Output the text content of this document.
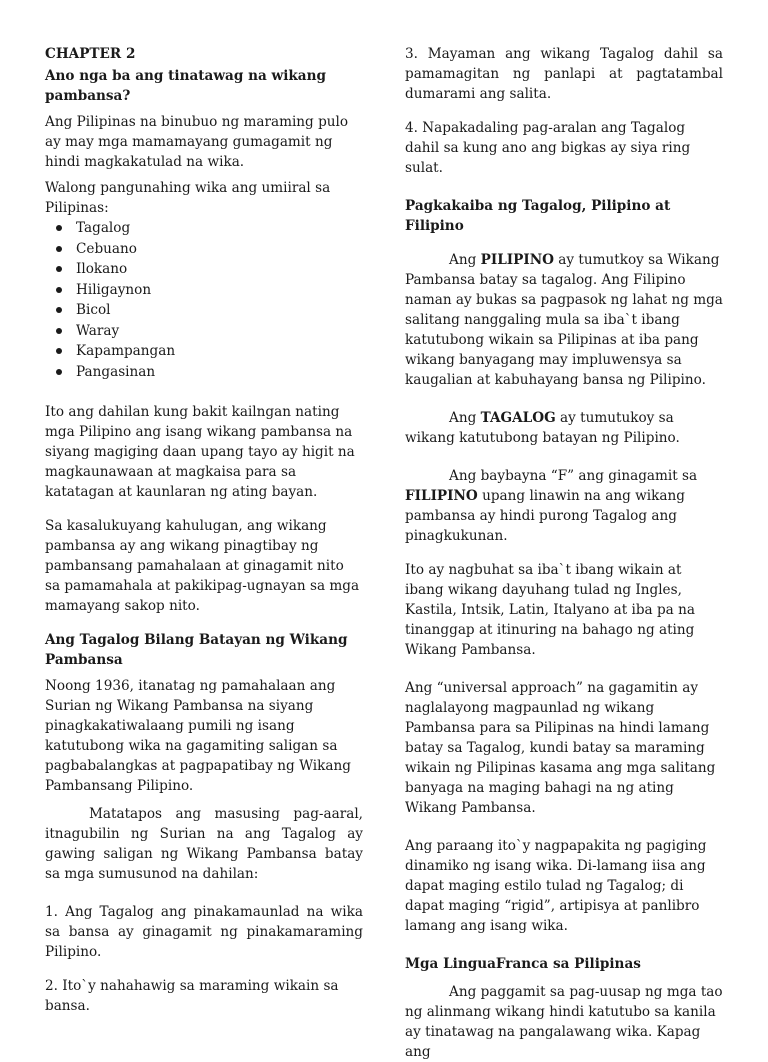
CHAPTER 2

Ano nga ba ang tinatawag na wikang pambansa?

Ang Pilipinas na binubuo ng maraming pulo ay may mga mamamayang gumagamit ng hindi magkakatulad na wika.

Walong pangunahing wika ang umiiral sa Pilipinas:

Tagalog
Cebuano
Ilokano
Hiligaynon
Bicol
Waray
Kapampangan
Pangasinan

Ito ang dahilan kung bakit kailngan nating mga Pilipino ang isang wikang pambansa na siyang magiging daan upang tayo ay higit na magkaunawaan at magkaisa para sa katatagan at kaunlaran ng ating bayan.

Sa kasalukuyang kahulugan, ang wikang pambansa ay ang wikang pinagtibay ng pambansang pamahalaan at ginagamit nito sa pamamahala at pakikipag-ugnayan sa mga mamayang sakop nito.

Ang Tagalog Bilang Batayan ng Wikang Pambansa

Noong 1936, itanatag ng pamahalaan ang Surian ng Wikang Pambansa na siyang pinagkakatiwalaang pumili ng isang katutubong wika na gagamiting saligan sa pagbabalangkas at pagpapatibay ng Wikang Pambansang Pilipino.

Matatapos ang masusing pag-aaral, itnagubilin ng Surian na ang Tagalog ay gawing saligan ng Wikang Pambansa batay sa mga sumusunod na dahilan:

1. Ang Tagalog ang pinakamaunlad na wika sa bansa ay ginagamit ng pinakamaraming Pilipino.

2. Ito`y nahahawig sa maraming wikain sa bansa.

3. Mayaman ang wikang Tagalog dahil sa pamamagitan ng panlapi at pagtatambal dumarami ang salita.

4. Napakadaling pag-aralan ang Tagalog dahil sa kung ano ang bigkas ay siya ring sulat.

Pagkakaiba ng Tagalog, Pilipino at Filipino

Ang PILIPINO ay tumutkoy sa Wikang Pambansa batay sa tagalog. Ang Filipino naman ay bukas sa pagpasok ng lahat ng mga salitang nanggaling mula sa iba`t ibang katutubong wikain sa Pilipinas at iba pang wikang banyagang may impluwensya sa kaugalian at kabuhayang bansa ng Pilipino.

Ang TAGALOG ay tumutukoy sa wikang katutubong batayan ng Pilipino.

Ang baybayna “F” ang ginagamit sa FILIPINO upang linawin na ang wikang pambansa ay hindi purong Tagalog ang pinagkukunan.

Ito ay nagbuhat sa iba`t ibang wikain at ibang wikang dayuhang tulad ng Ingles, Kastila, Intsik, Latin, Italyano at iba pa na tinanggap at itinuring na bahago ng ating Wikang Pambansa.

Ang “universal approach” na gagamitin ay naglalayong magpaunlad ng wikang Pambansa para sa Pilipinas na hindi lamang batay sa Tagalog, kundi batay sa maraming wikain ng Pilipinas kasama ang mga salitang banyaga na maging bahagi na ng ating Wikang Pambansa.

Ang paraang ito`y nagpapakita ng pagiging dinamiko ng isang wika. Di-lamang iisa ang dapat maging estilo tulad ng Tagalog; di dapat maging “rigid”, artipisya at panlibro lamang ang isang wika.

Mga LinguaFranca sa Pilipinas

Ang paggamit sa pag-uusap ng mga tao ng alinmang wikang hindi katutubo sa kanila ay tinatawag na pangalawang wika. Kapag ang
